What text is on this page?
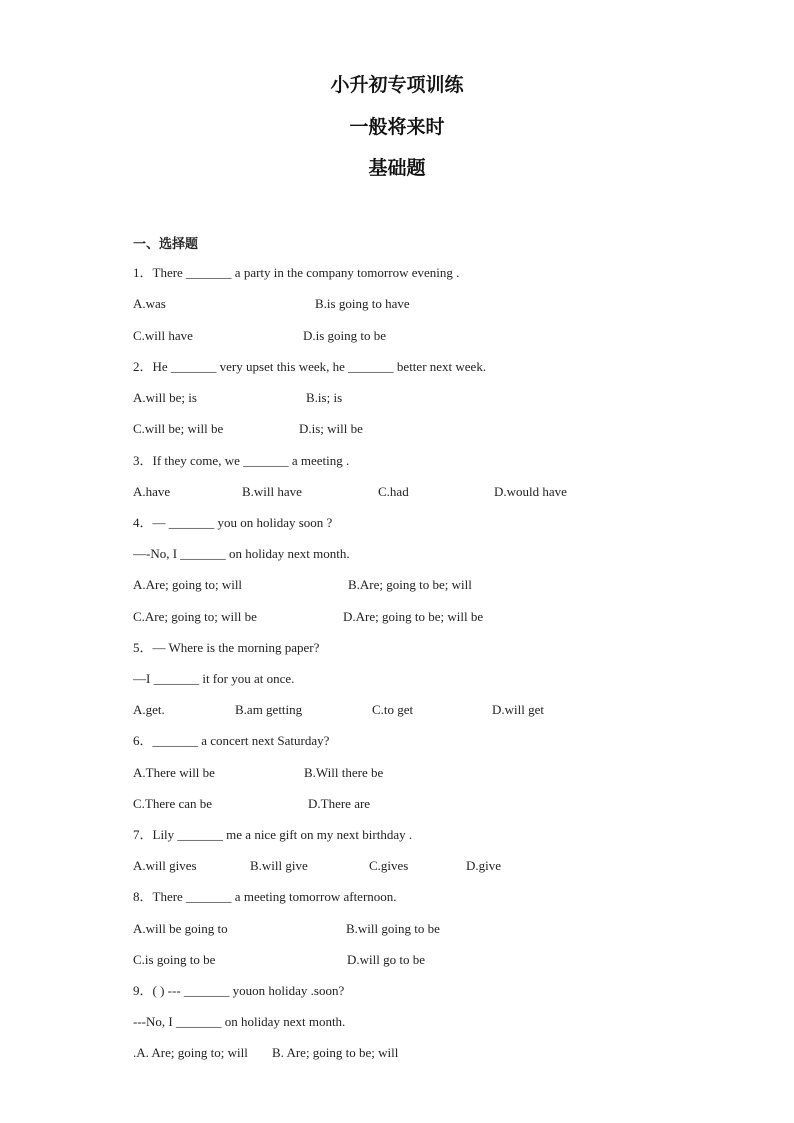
小升初专项训练
一般将来时
基础题
一、选择题
1．There _______ a party in the company tomorrow evening .
A.was	B.is going to have
C.will have	D.is going to be
2．He _______ very upset this week, he _______ better next week.
A.will be; is	B.is; is
C.will be; will be	D.is; will be
3．If they come, we _______ a meeting .
A.have	B.will have	C.had	D.would have
4．— _______ you on holiday soon ?
—-No, I _______ on holiday next month.
A.Are; going to; will	B.Are; going to be; will
C.Are; going to; will be	D.Are; going to be; will be
5．— Where is the morning paper?
—I _______ it for you at once.
A.get.	B.am getting	C.to get	D.will get
6．_______ a concert next Saturday?
A.There will be	B.Will there be
C.There can be	D.There are
7．Lily _______ me a nice gift on my next birthday .
A.will gives	B.will give	C.gives	D.give
8．There _______ a meeting tomorrow afternoon.
A.will be going to	B.will going to be
C.is going to be	D.will go to be
9．( ) --- _______ youon holiday .soon?
---No, I _______ on holiday next month.
.A. Are; going to; will B. Are; going to be; will
